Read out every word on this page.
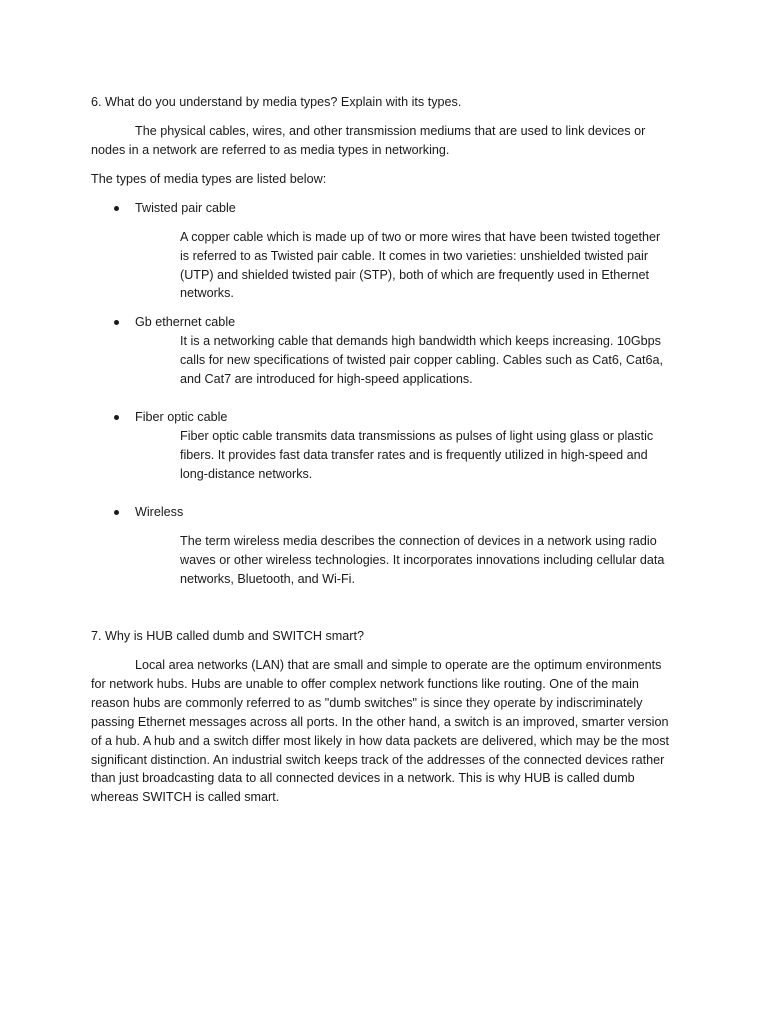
6. What do you understand by media types? Explain with its types.
The physical cables, wires, and other transmission mediums that are used to link devices or
nodes in a network are referred to as media types in networking.
The types of media types are listed below:
Twisted pair cable
A copper cable which is made up of two or more wires that have been twisted together
is referred to as Twisted pair cable. It comes in two varieties: unshielded twisted pair
(UTP) and shielded twisted pair (STP), both of which are frequently used in Ethernet
networks.
Gb ethernet cable
It is a networking cable that demands high bandwidth which keeps increasing. 10Gbps
calls for new specifications of twisted pair copper cabling. Cables such as Cat6, Cat6a,
and Cat7 are introduced for high-speed applications.
Fiber optic cable
Fiber optic cable transmits data transmissions as pulses of light using glass or plastic
fibers. It provides fast data transfer rates and is frequently utilized in high-speed and
long-distance networks.
Wireless
The term wireless media describes the connection of devices in a network using radio
waves or other wireless technologies. It incorporates innovations including cellular data
networks, Bluetooth, and Wi-Fi.
7. Why is HUB called dumb and SWITCH smart?
Local area networks (LAN) that are small and simple to operate are the optimum environments
for network hubs. Hubs are unable to offer complex network functions like routing. One of the main
reason hubs are commonly referred to as "dumb switches" is since they operate by indiscriminately
passing Ethernet messages across all ports. In the other hand, a switch is an improved, smarter version
of a hub. A hub and a switch differ most likely in how data packets are delivered, which may be the most
significant distinction. An industrial switch keeps track of the addresses of the connected devices rather
than just broadcasting data to all connected devices in a network. This is why HUB is called dumb
whereas SWITCH is called smart.
